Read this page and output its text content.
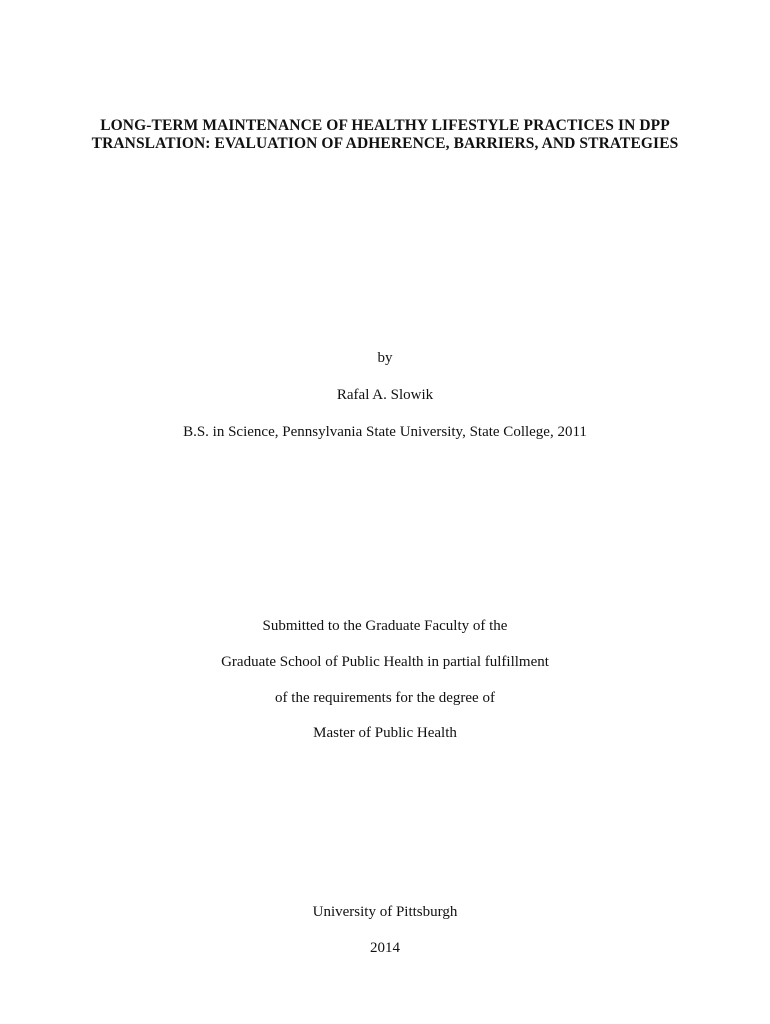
LONG-TERM MAINTENANCE OF HEALTHY LIFESTYLE PRACTICES IN DPP
TRANSLATION: EVALUATION OF ADHERENCE, BARRIERS, AND STRATEGIES
by
Rafal A. Slowik
B.S. in Science, Pennsylvania State University, State College, 2011
Submitted to the Graduate Faculty of the
Graduate School of Public Health in partial fulfillment
of the requirements for the degree of
Master of Public Health
University of Pittsburgh
2014
